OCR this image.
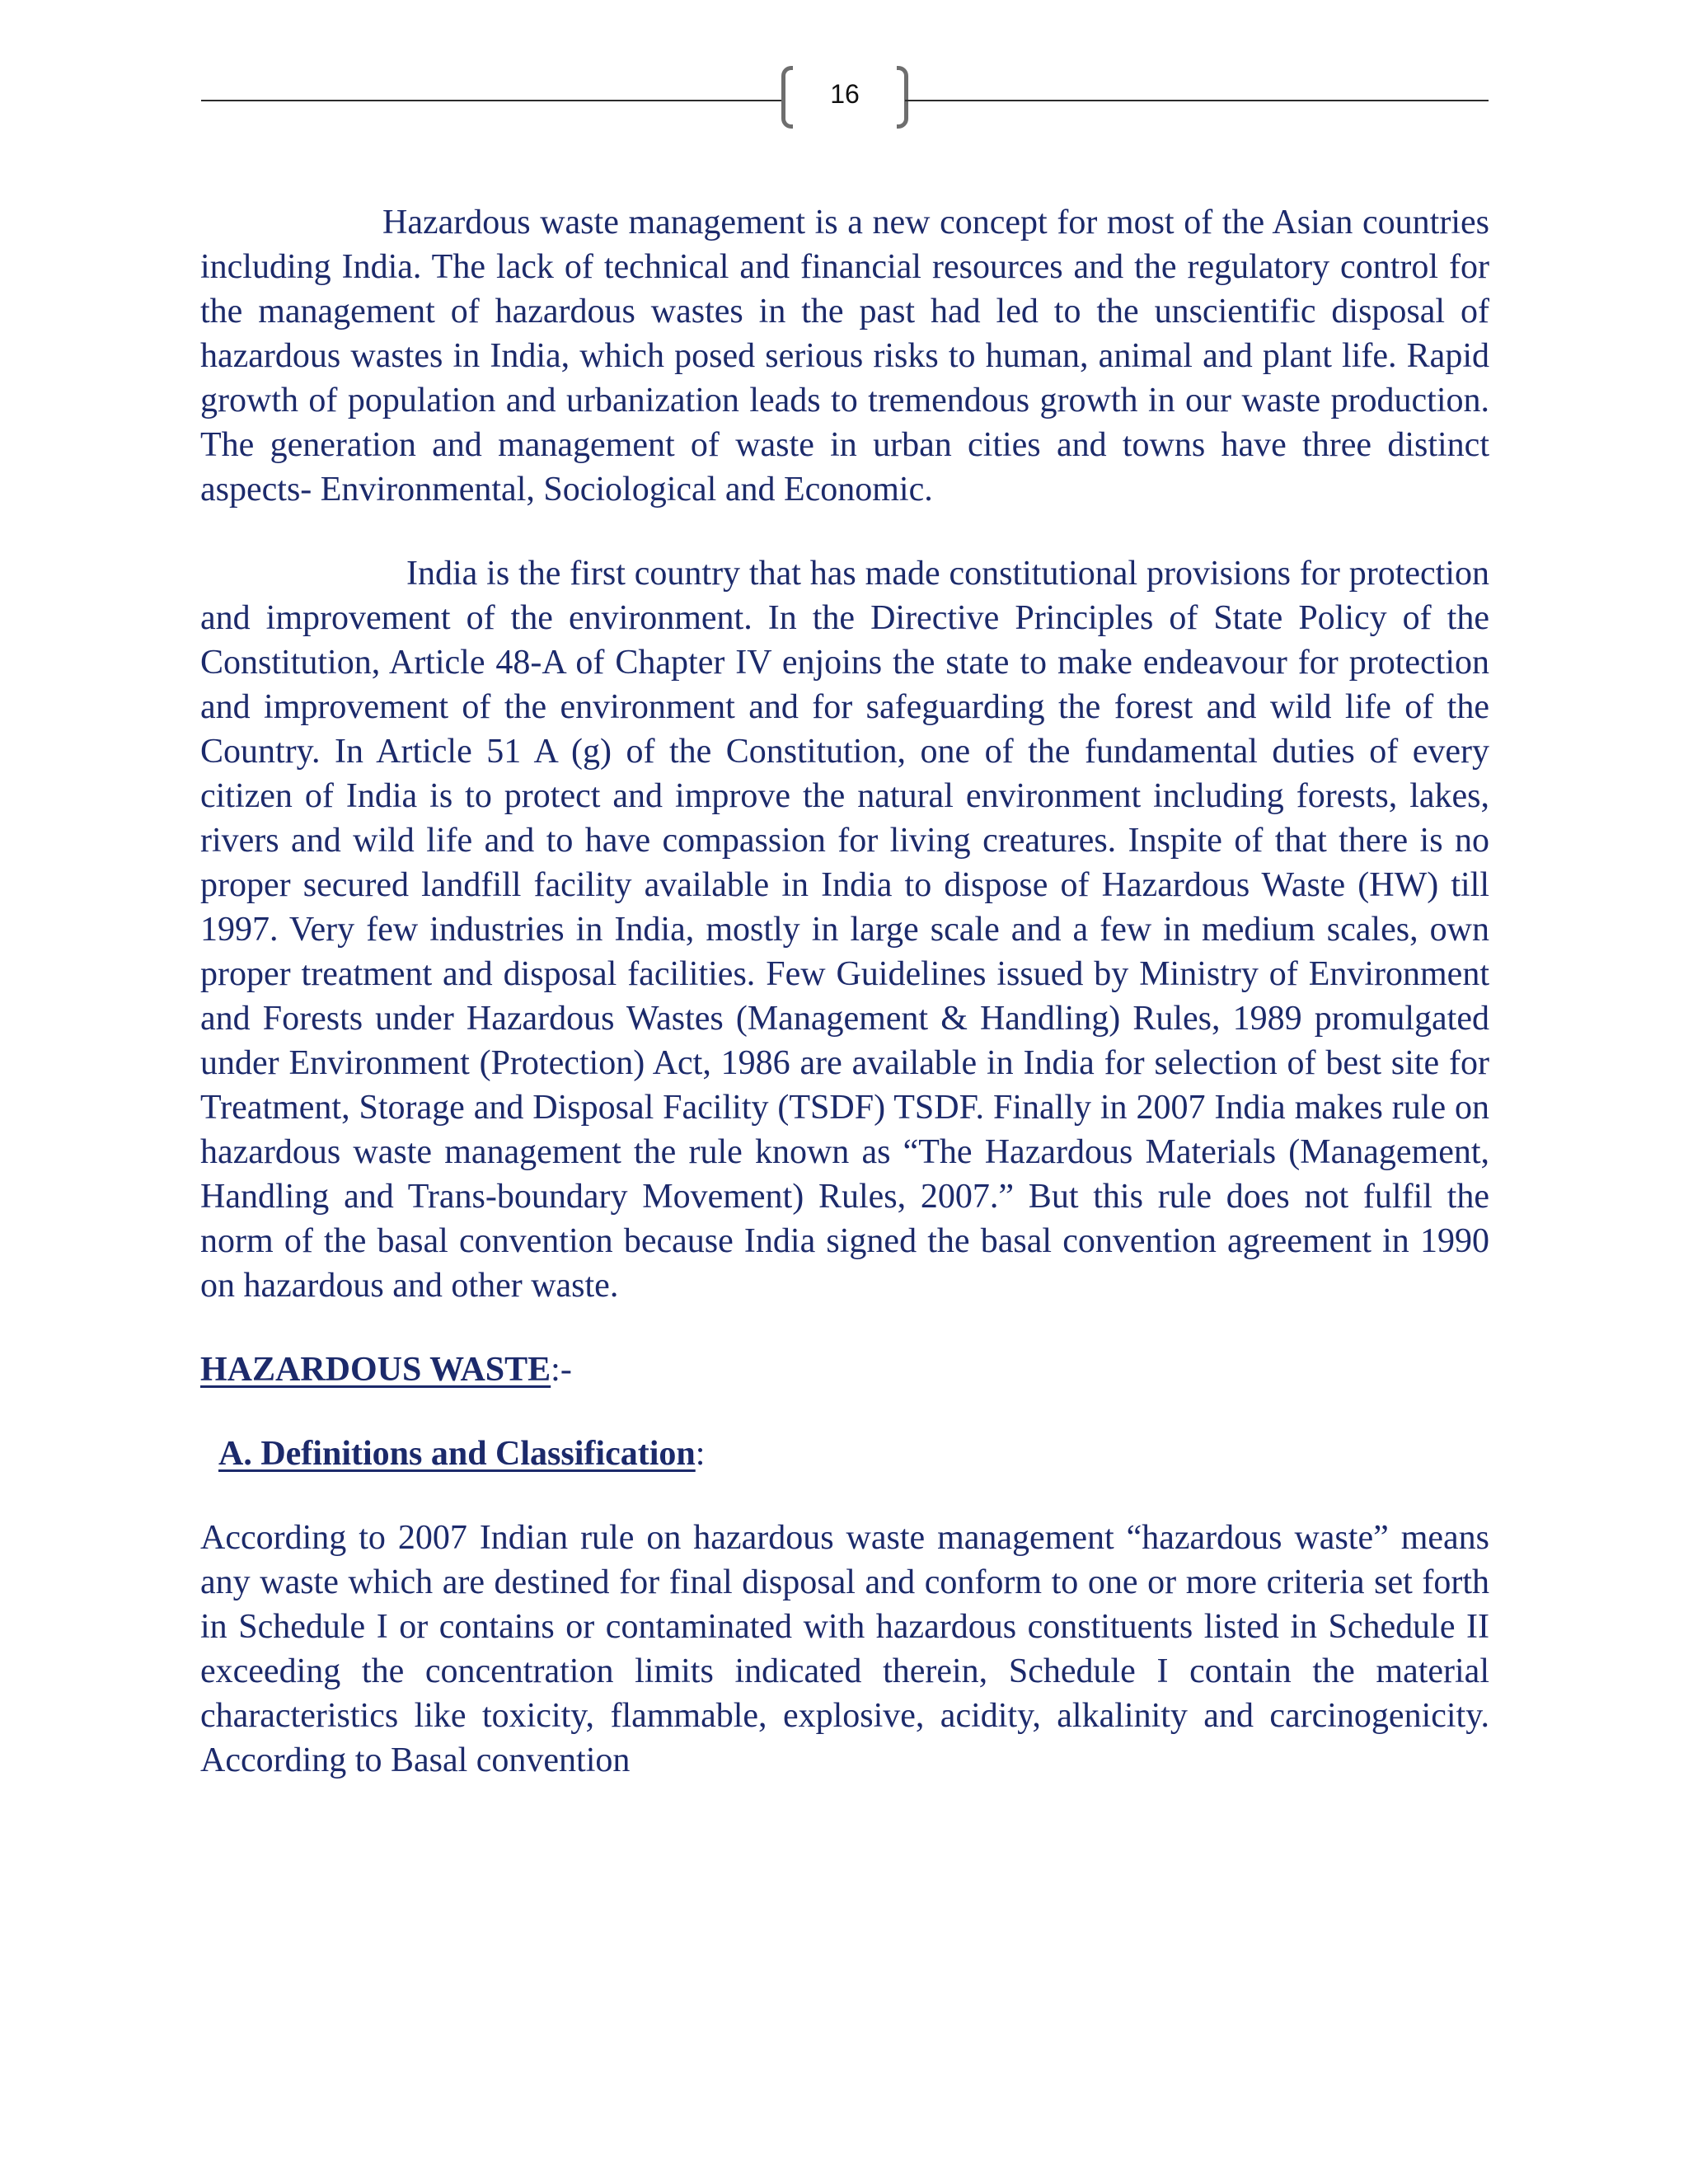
16

Hazardous waste management is a new concept for most of the Asian countries including India. The lack of technical and financial resources and the regulatory control for the management of hazardous wastes in the past had led to the unscientific disposal of hazardous wastes in India, which posed serious risks to human, animal and plant life. Rapid growth of population and urbanization leads to tremendous growth in our waste production. The generation and management of waste in urban cities and towns have three distinct aspects- Environmental, Sociological and Economic.

India is the first country that has made constitutional provisions for protection and improvement of the environment. In the Directive Principles of State Policy of the Constitution, Article 48-A of Chapter IV enjoins the state to make endeavour for protection and improvement of the environment and for safeguarding the forest and wild life of the Country. In Article 51 A (g) of the Constitution, one of the fundamental duties of every citizen of India is to protect and improve the natural environment including forests, lakes, rivers and wild life and to have compassion for living creatures. Inspite of that there is no proper secured landfill facility available in India to dispose of Hazardous Waste (HW) till 1997. Very few industries in India, mostly in large scale and a few in medium scales, own proper treatment and disposal facilities. Few Guidelines issued by Ministry of Environment and Forests under Hazardous Wastes (Management & Handling) Rules, 1989 promulgated under Environment (Protection) Act, 1986 are available in India for selection of best site for Treatment, Storage and Disposal Facility (TSDF) TSDF. Finally in 2007 India makes rule on hazardous waste management the rule known as “The Hazardous Materials (Management, Handling and Trans-boundary Movement) Rules, 2007.” But this rule does not fulfil the norm of the basal convention because India signed the basal convention agreement in 1990 on hazardous and other waste.

HAZARDOUS WASTE:-
A. Definitions and Classification:

According to 2007 Indian rule on hazardous waste management “hazardous waste” means any waste which are destined for final disposal and conform to one or more criteria set forth in Schedule I or contains or contaminated with hazardous constituents listed in Schedule II exceeding the concentration limits indicated therein, Schedule I contain the material characteristics like toxicity, flammable, explosive, acidity, alkalinity and carcinogenicity. According to Basal convention
